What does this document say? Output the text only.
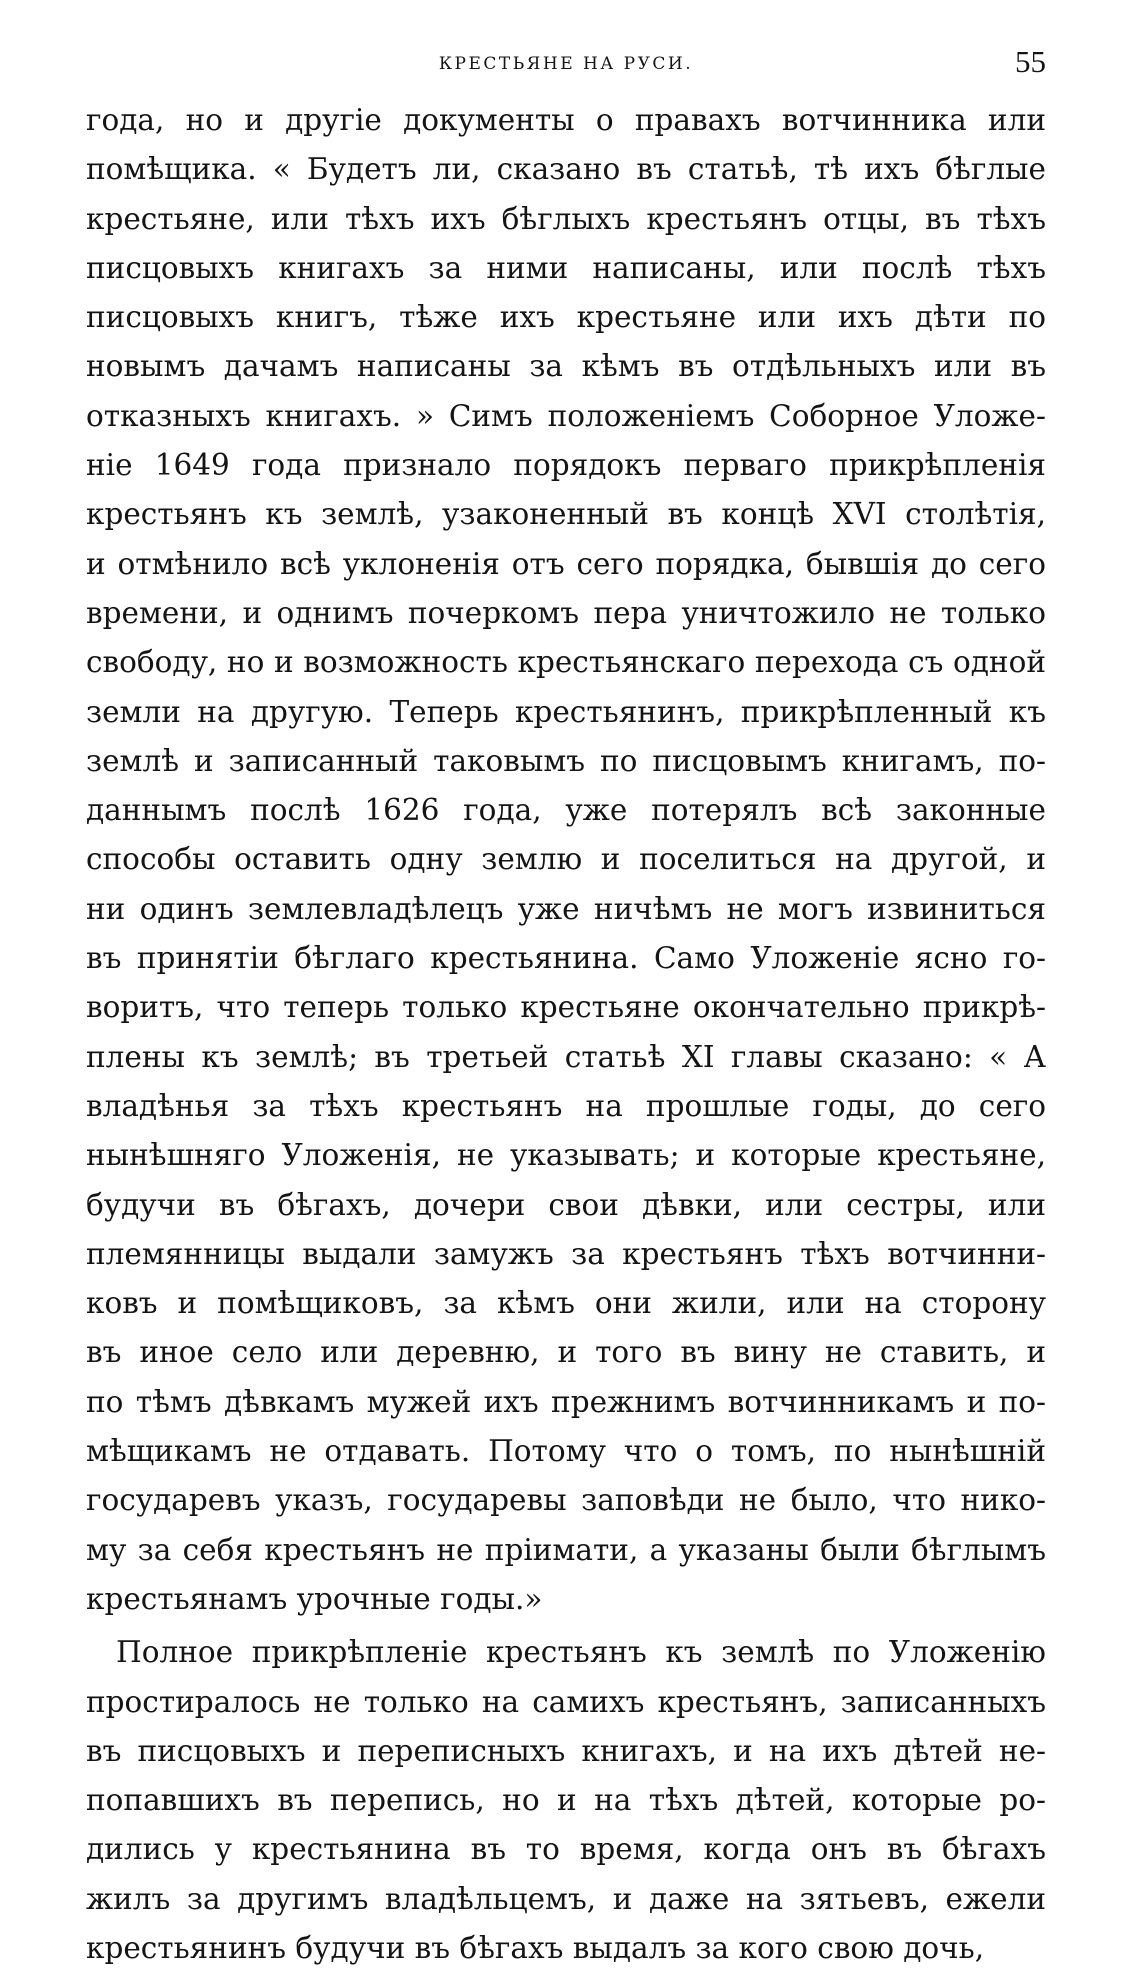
КРЕСТЬЯНЕ НА РУСИ.	55
года, но и другіе документы о правахъ вотчинника или
помѣщика. « Будетъ ли, сказано въ статьѣ, тѣ ихъ бѣглые
крестьяне, или тѣхъ ихъ бѣглыхъ крестьянъ отцы, въ тѣхъ
писцовыхъ книгахъ за ними написаны, или послѣ тѣхъ
писцовыхъ книгъ, тѣже ихъ крестьяне или ихъ дѣти по
новымъ дачамъ написаны за кѣмъ въ отдѣльныхъ или въ
отказныхъ книгахъ. » Симъ положеніемъ Соборное Уложе-
ніе 1649 года признало порядокъ перваго прикрѣпленія
крестьянъ къ землѣ, узаконенный въ концѣ XVI столѣтія,
и отмѣнило всѣ уклоненія отъ сего порядка, бывшія до сего
времени, и однимъ почеркомъ пера уничтожило не только
свободу, но и возможность крестьянскаго перехода съ одной
земли на другую. Теперь крестьянинъ, прикрѣпленный къ
землѣ и записанный таковымъ по писцовымъ книгамъ, по-
даннымъ послѣ 1626 года, уже потерялъ всѣ законные
способы оставить одну землю и поселиться на другой, и
ни одинъ землевладѣлецъ уже ничѣмъ не могъ извиниться
въ принятіи бѣглаго крестьянина. Само Уложеніе ясно го-
воритъ, что теперь только крестьяне окончательно прикрѣ-
плены къ землѣ; въ третьей статьѣ XI главы сказано: « А
владѣнья за тѣхъ крестьянъ на прошлые годы, до сего
нынѣшняго Уложенія, не указывать; и которые крестьяне,
будучи въ бѣгахъ, дочери свои дѣвки, или сестры, или
племянницы выдали замужъ за крестьянъ тѣхъ вотчинни-
ковъ и помѣщиковъ, за кѣмъ они жили, или на сторону
въ иное село или деревню, и того въ вину не ставить, и
по тѣмъ дѣвкамъ мужей ихъ прежнимъ вотчинникамъ и по-
мѣщикамъ не отдавать. Потому что о томъ, по нынѣшній
государевъ указъ, государевы заповѣди не было, что нико-
му за себя крестьянъ не пріимати, а указаны были бѣглымъ
крестьянамъ урочные годы.»
Полное прикрѣпленіе крестьянъ къ землѣ по Уложенію
простиралось не только на самихъ крестьянъ, записанныхъ
въ писцовыхъ и переписныхъ книгахъ, и на ихъ дѣтей не-
попавшихъ въ перепись, но и на тѣхъ дѣтей, которые ро-
дились у крестьянина въ то время, когда онъ въ бѣгахъ
жилъ за другимъ владѣльцемъ, и даже на зятьевъ, ежели
крестьянинъ будучи въ бѣгахъ выдалъ за кого свою дочь,
